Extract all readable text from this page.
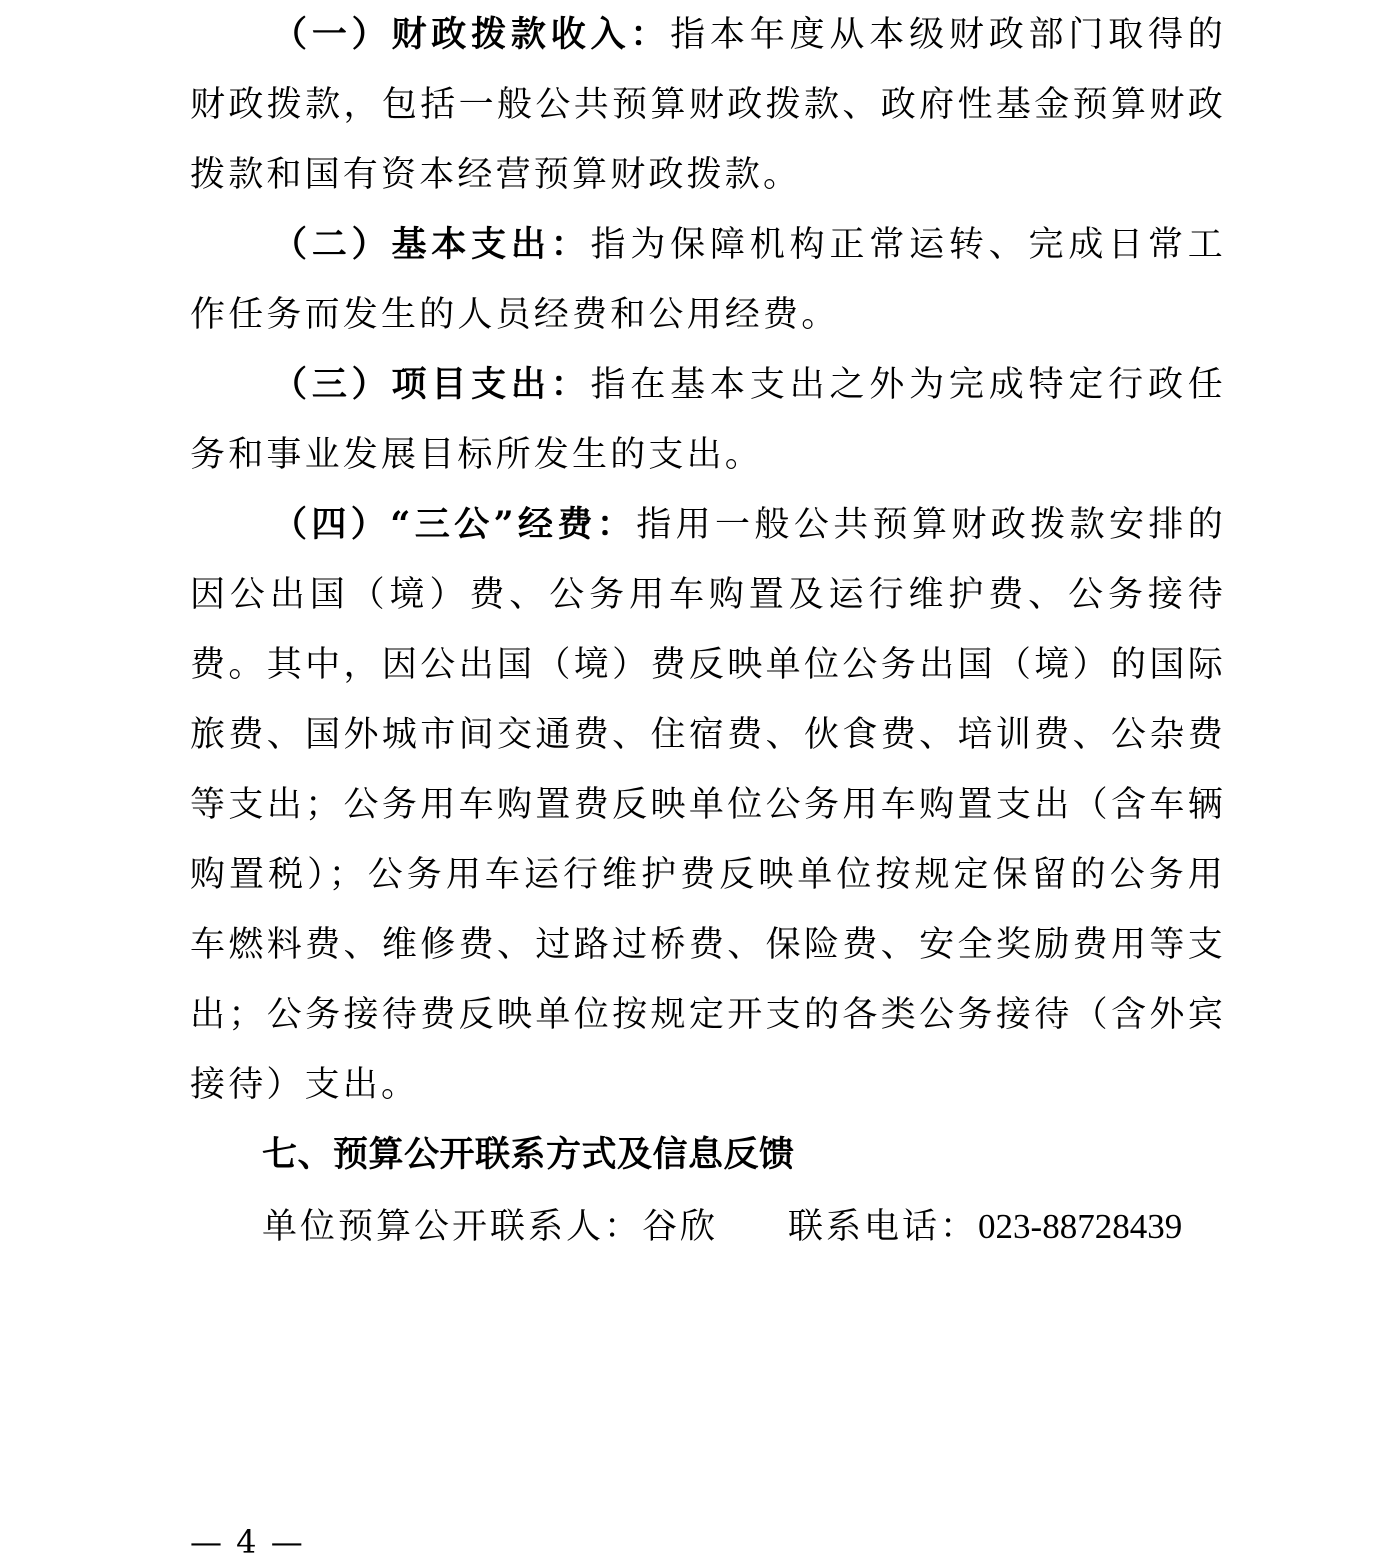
（一）财政拨款收入：指本年度从本级财政部门取得的财政拨款，包括一般公共预算财政拨款、政府性基金预算财政拨款和国有资本经营预算财政拨款。

（二）基本支出：指为保障机构正常运转、完成日常工作任务而发生的人员经费和公用经费。

（三）项目支出：指在基本支出之外为完成特定行政任务和事业发展目标所发生的支出。

（四）“三公”经费：指用一般公共预算财政拨款安排的因公出国（境）费、公务用车购置及运行维护费、公务接待费。其中，因公出国（境）费反映单位公务出国（境）的国际旅费、国外城市间交通费、住宿费、伙食费、培训费、公杂费等支出；公务用车购置费反映单位公务用车购置支出（含车辆购置税）；公务用车运行维护费反映单位按规定保留的公务用车燃料费、维修费、过路过桥费、保险费、安全奖励费用等支出；公务接待费反映单位按规定开支的各类公务接待（含外宾接待）支出。

七、预算公开联系方式及信息反馈

单位预算公开联系人：谷欣 联系电话：023-88728439

— 4 —
